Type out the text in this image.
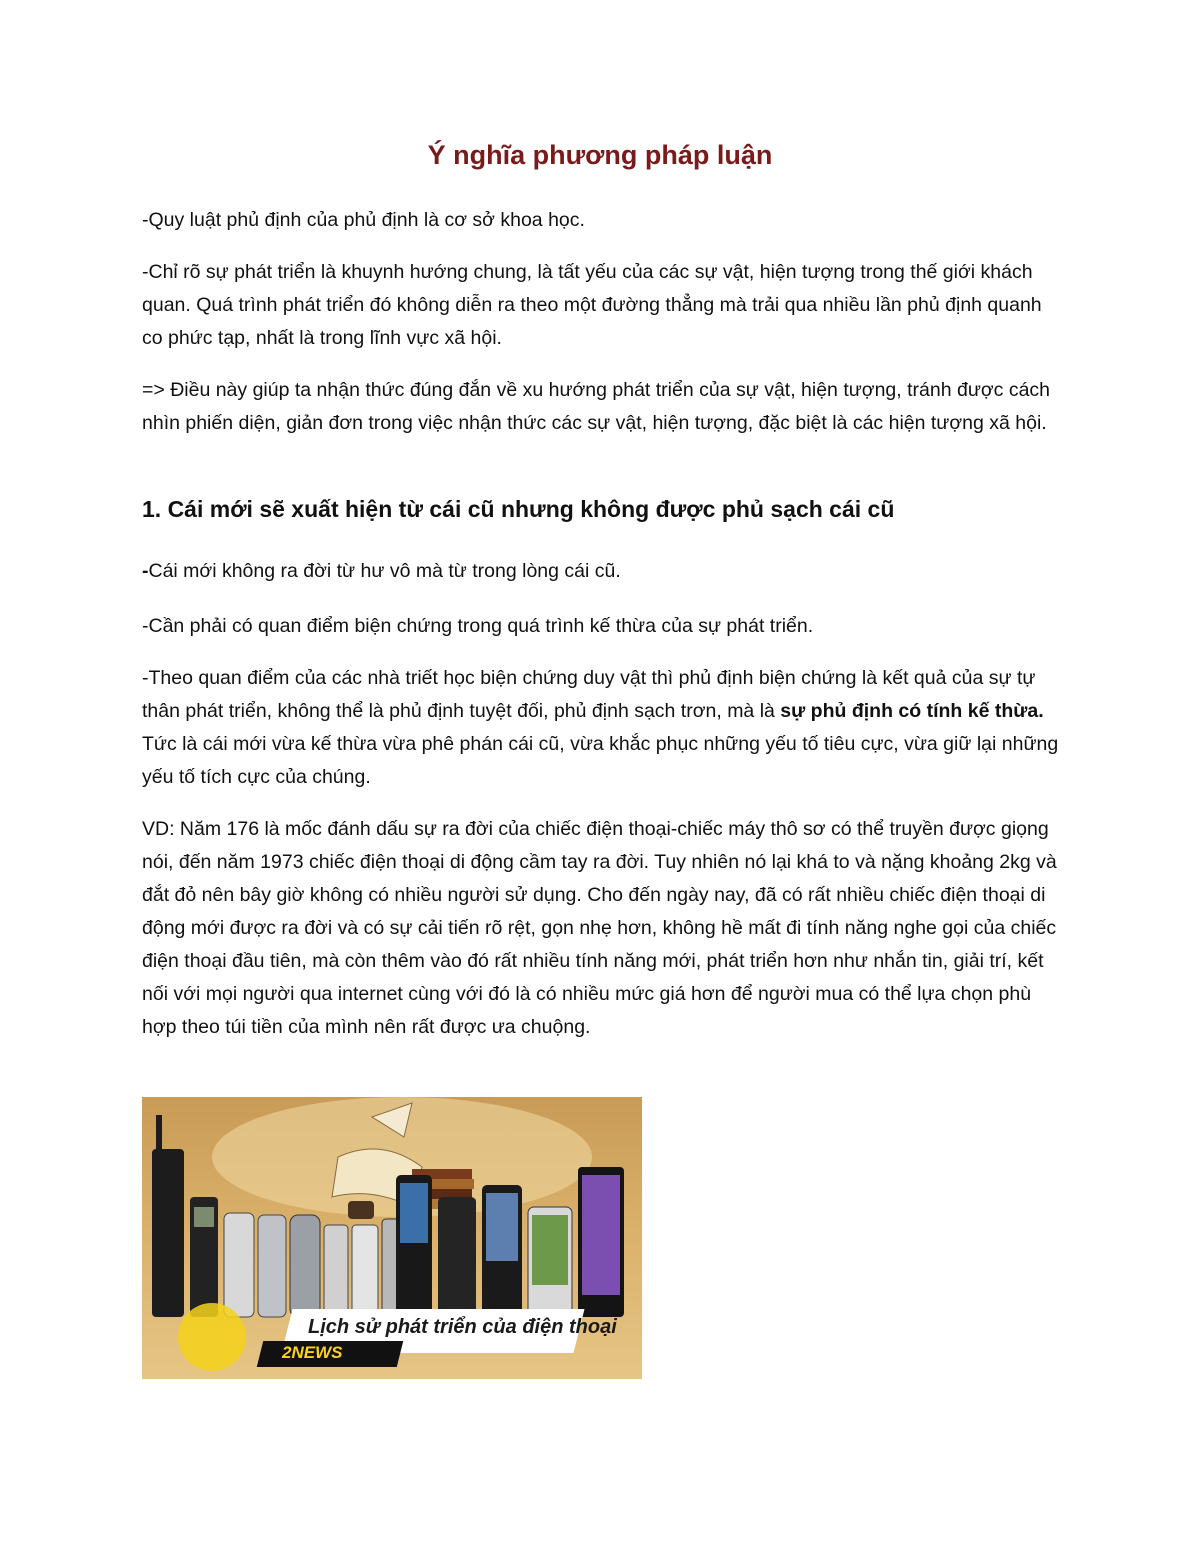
Ý nghĩa phương pháp luận

-Quy luật phủ định của phủ định là cơ sở khoa học.

-Chỉ rõ sự phát triển là khuynh hướng chung, là tất yếu của các sự vật, hiện tượng trong thế giới khách quan. Quá trình phát triển đó không diễn ra theo một đường thẳng mà trải qua nhiều lần phủ định quanh co phức tạp, nhất là trong lĩnh vực xã hội.

=> Điều này giúp ta nhận thức đúng đắn về xu hướng phát triển của sự vật, hiện tượng, tránh được cách nhìn phiến diện, giản đơn trong việc nhận thức các sự vật, hiện tượng, đặc biệt là các hiện tượng xã hội.

1. Cái mới sẽ xuất hiện từ cái cũ nhưng không được phủ sạch cái cũ

-Cái mới không ra đời từ hư vô mà từ trong lòng cái cũ.

-Cần phải có quan điểm biện chứng trong quá trình kế thừa của sự phát triển.

-Theo quan điểm của các nhà triết học biện chứng duy vật thì phủ định biện chứng là kết quả của sự tự thân phát triển, không thể là phủ định tuyệt đối, phủ định sạch trơn, mà là sự phủ định có tính kế thừa. Tức là cái mới vừa kế thừa vừa phê phán cái cũ, vừa khắc phục những yếu tố tiêu cực, vừa giữ lại những yếu tố tích cực của chúng.

VD: Năm 176 là mốc đánh dấu sự ra đời của chiếc điện thoại-chiếc máy thô sơ có thể truyền được giọng nói, đến năm 1973 chiếc điện thoại di động cầm tay ra đời. Tuy nhiên nó lại khá to và nặng khoảng 2kg và đắt đỏ nên bây giờ không có nhiều người sử dụng. Cho đến ngày nay, đã có rất nhiều chiếc điện thoại di động mới được ra đời và có sự cải tiến rõ rệt, gọn nhẹ hơn, không hề mất đi tính năng nghe gọi của chiếc điện thoại đầu tiên, mà còn thêm vào đó rất nhiều tính năng mới, phát triển hơn như nhắn tin, giải trí, kết nối với mọi người qua internet cùng với đó là có nhiều mức giá hơn để người mua có thể lựa chọn phù hợp theo túi tiền của mình nên rất được ưa chuộng.

Lịch sử phát triển của điện thoại
2NEWS
